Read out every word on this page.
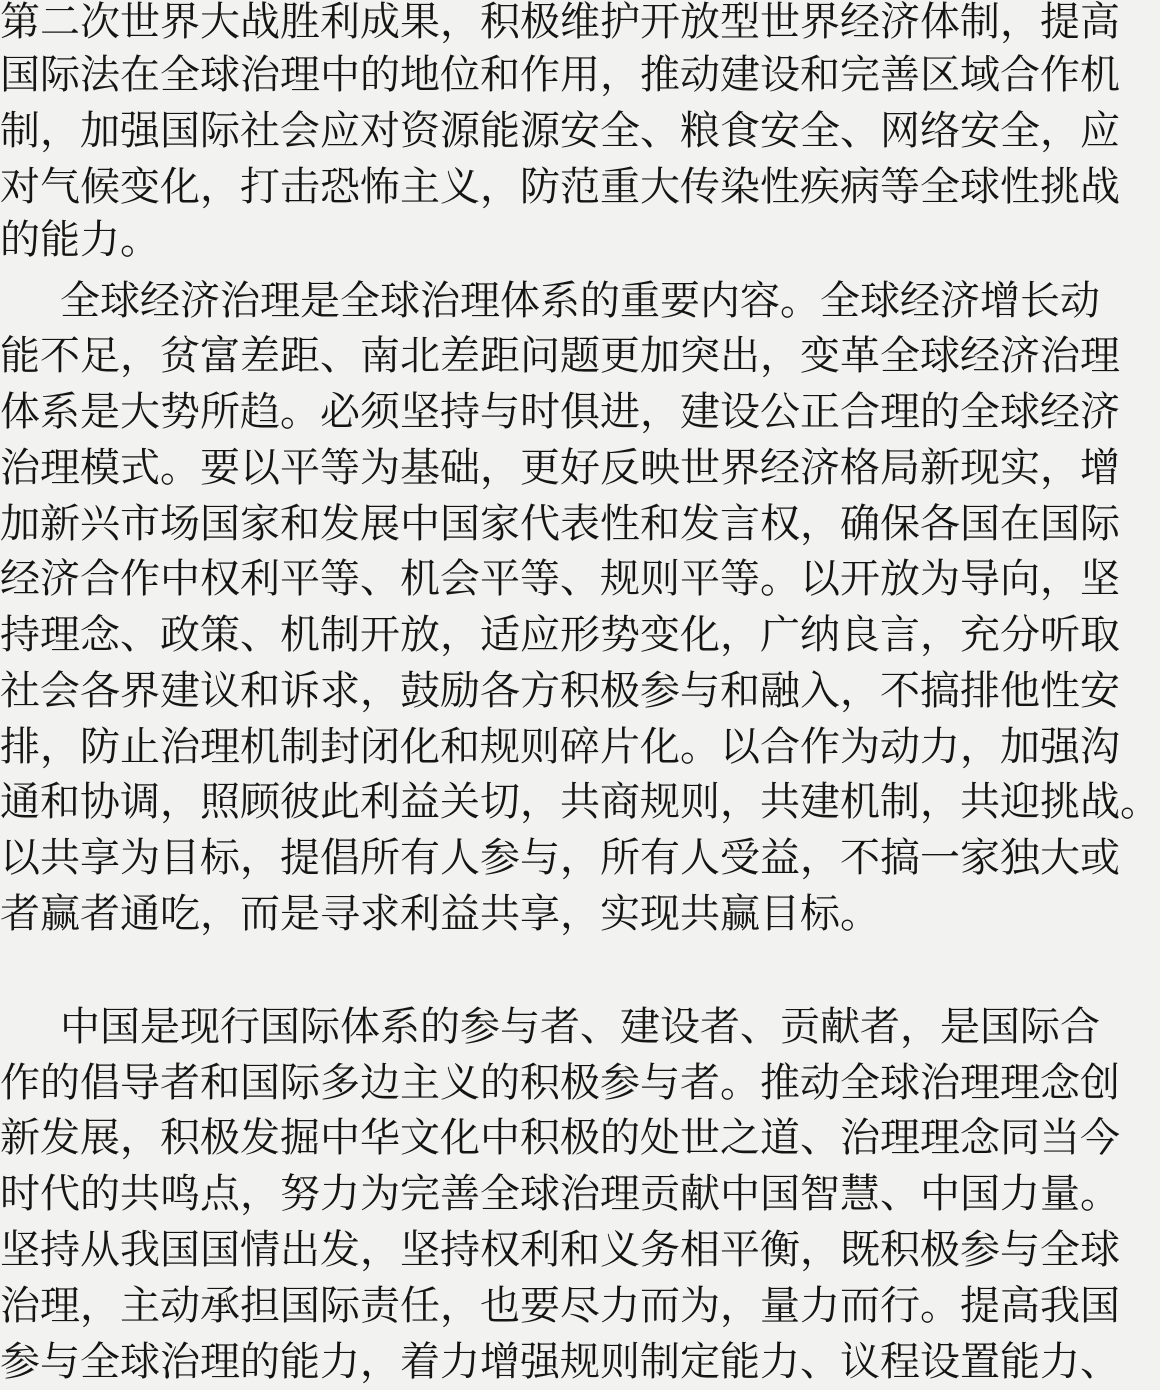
第二次世界大战胜利成果，积极维护开放型世界经济体制，提高
国际法在全球治理中的地位和作用，推动建设和完善区域合作机
制，加强国际社会应对资源能源安全、粮食安全、网络安全，应
对气候变化，打击恐怖主义，防范重大传染性疾病等全球性挑战
的能力。
全球经济治理是全球治理体系的重要内容。全球经济增长动
能不足，贫富差距、南北差距问题更加突出，变革全球经济治理
体系是大势所趋。必须坚持与时俱进，建设公正合理的全球经济
治理模式。要以平等为基础，更好反映世界经济格局新现实，增
加新兴市场国家和发展中国家代表性和发言权，确保各国在国际
经济合作中权利平等、机会平等、规则平等。以开放为导向，坚
持理念、政策、机制开放，适应形势变化，广纳良言，充分听取
社会各界建议和诉求，鼓励各方积极参与和融入，不搞排他性安
排，防止治理机制封闭化和规则碎片化。以合作为动力，加强沟
通和协调，照顾彼此利益关切，共商规则，共建机制，共迎挑战。
以共享为目标，提倡所有人参与，所有人受益，不搞一家独大或
者赢者通吃，而是寻求利益共享，实现共赢目标。
中国是现行国际体系的参与者、建设者、贡献者，是国际合
作的倡导者和国际多边主义的积极参与者。推动全球治理理念创
新发展，积极发掘中华文化中积极的处世之道、治理理念同当今
时代的共鸣点，努力为完善全球治理贡献中国智慧、中国力量。
坚持从我国国情出发，坚持权利和义务相平衡，既积极参与全球
治理，主动承担国际责任，也要尽力而为，量力而行。提高我国
参与全球治理的能力，着力增强规则制定能力、议程设置能力、
